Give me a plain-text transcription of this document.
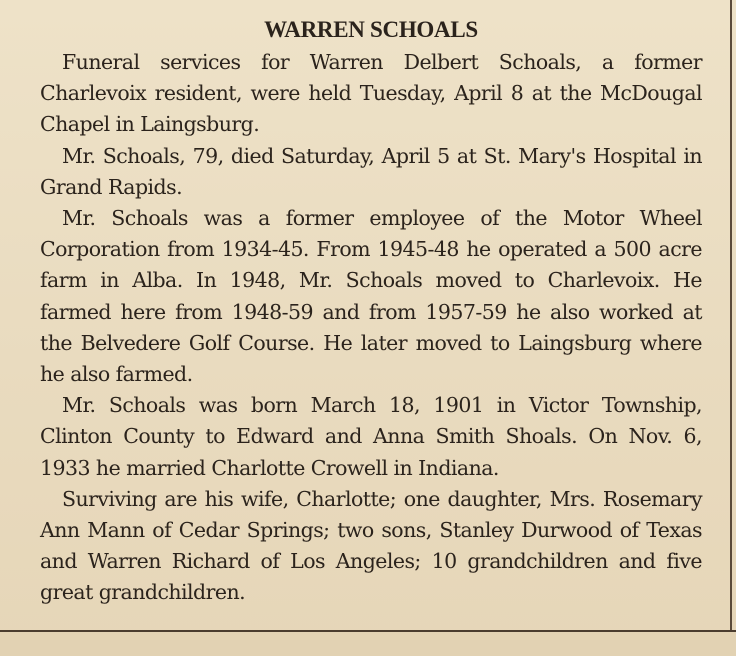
WARREN SCHOALS

Funeral services for Warren Delbert Schoals, a former Charlevoix resident, were held Tuesday, April 8 at the McDougal Chapel in Laingsburg.

Mr. Schoals, 79, died Saturday, April 5 at St. Mary's Hospital in Grand Rapids.

Mr. Schoals was a former employee of the Motor Wheel Corporation from 1934-45. From 1945-48 he operated a 500 acre farm in Alba. In 1948, Mr. Schoals moved to Charlevoix. He farmed here from 1948-59 and from 1957-59 he also worked at the Belvedere Golf Course. He later moved to Laingsburg where he also farmed.

Mr. Schoals was born March 18, 1901 in Victor Township, Clinton County to Edward and Anna Smith Shoals. On Nov. 6, 1933 he married Charlotte Crowell in Indiana.

Surviving are his wife, Charlotte; one daughter, Mrs. Rosemary Ann Mann of Cedar Springs; two sons, Stanley Durwood of Texas and Warren Richard of Los Angeles; 10 grandchildren and five great grandchildren.
